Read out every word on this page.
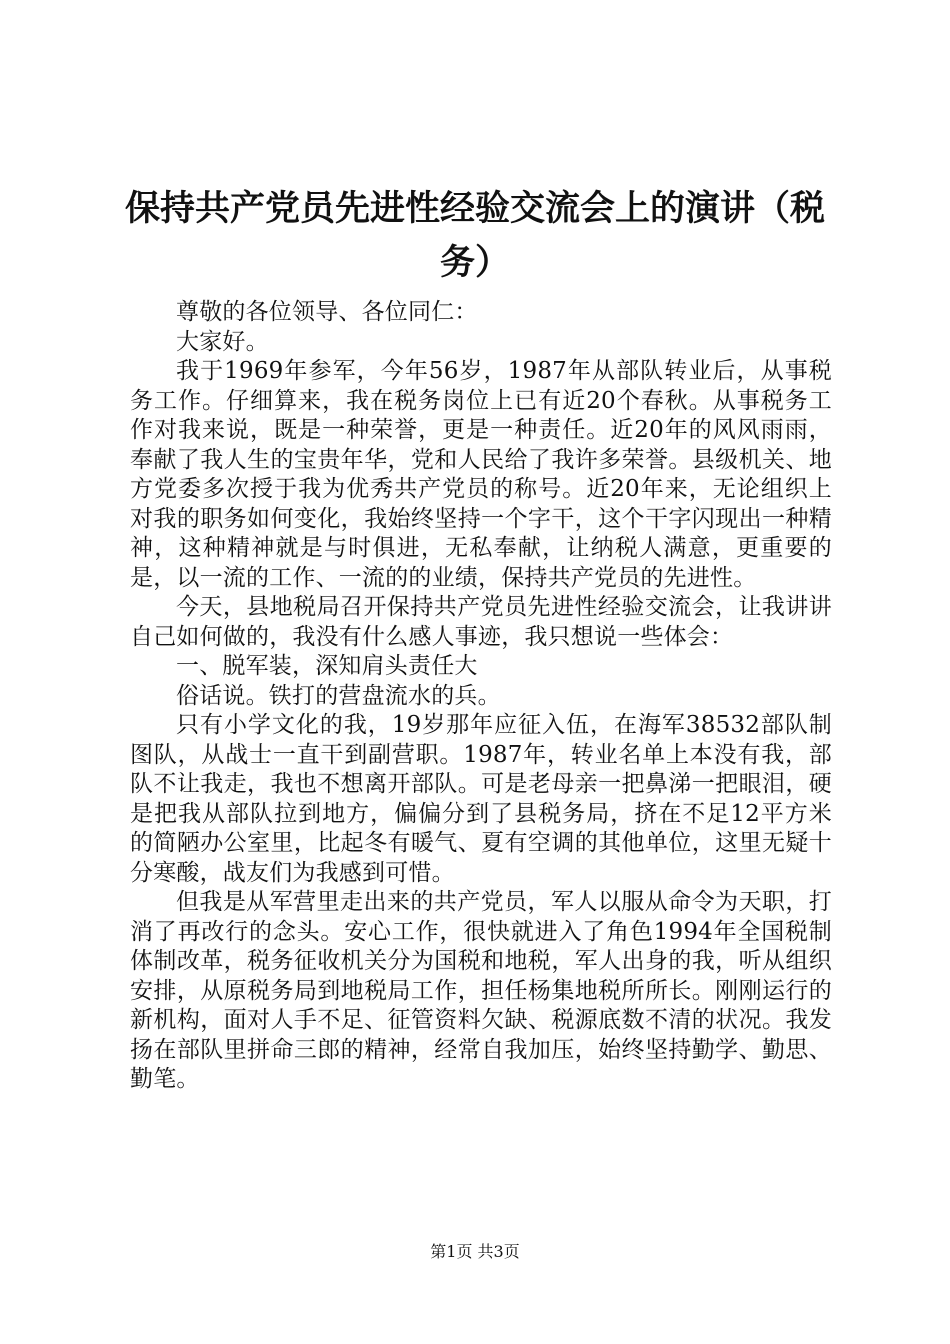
保持共产党员先进性经验交流会上的演讲（税务）

尊敬的各位领导、各位同仁：

大家好。

我于1969年参军，今年56岁，1987年从部队转业后，从事税务工作。仔细算来，我在税务岗位上已有近20个春秋。从事税务工作对我来说，既是一种荣誉，更是一种责任。近20年的风风雨雨，奉献了我人生的宝贵年华，党和人民给了我许多荣誉。县级机关、地方党委多次授于我为优秀共产党员的称号。近20年来，无论组织上对我的职务如何变化，我始终坚持一个字干，这个干字闪现出一种精神，这种精神就是与时俱进，无私奉献，让纳税人满意，更重要的是，以一流的工作、一流的的业绩，保持共产党员的先进性。

今天，县地税局召开保持共产党员先进性经验交流会，让我讲讲自己如何做的，我没有什么感人事迹，我只想说一些体会：

一、脱军装，深知肩头责任大

俗话说。铁打的营盘流水的兵。

只有小学文化的我，19岁那年应征入伍，在海军38532部队制图队，从战士一直干到副营职。1987年，转业名单上本没有我，部队不让我走，我也不想离开部队。可是老母亲一把鼻涕一把眼泪，硬是把我从部队拉到地方，偏偏分到了县税务局，挤在不足12平方米的简陋办公室里，比起冬有暖气、夏有空调的其他单位，这里无疑十分寒酸，战友们为我感到可惜。

但我是从军营里走出来的共产党员，军人以服从命令为天职，打消了再改行的念头。安心工作，很快就进入了角色1994年全国税制体制改革，税务征收机关分为国税和地税，军人出身的我，听从组织安排，从原税务局到地税局工作，担任杨集地税所所长。刚刚运行的新机构，面对人手不足、征管资料欠缺、税源底数不清的状况。我发扬在部队里拼命三郎的精神，经常自我加压，始终坚持勤学、勤思、勤笔。

第1页 共3页
